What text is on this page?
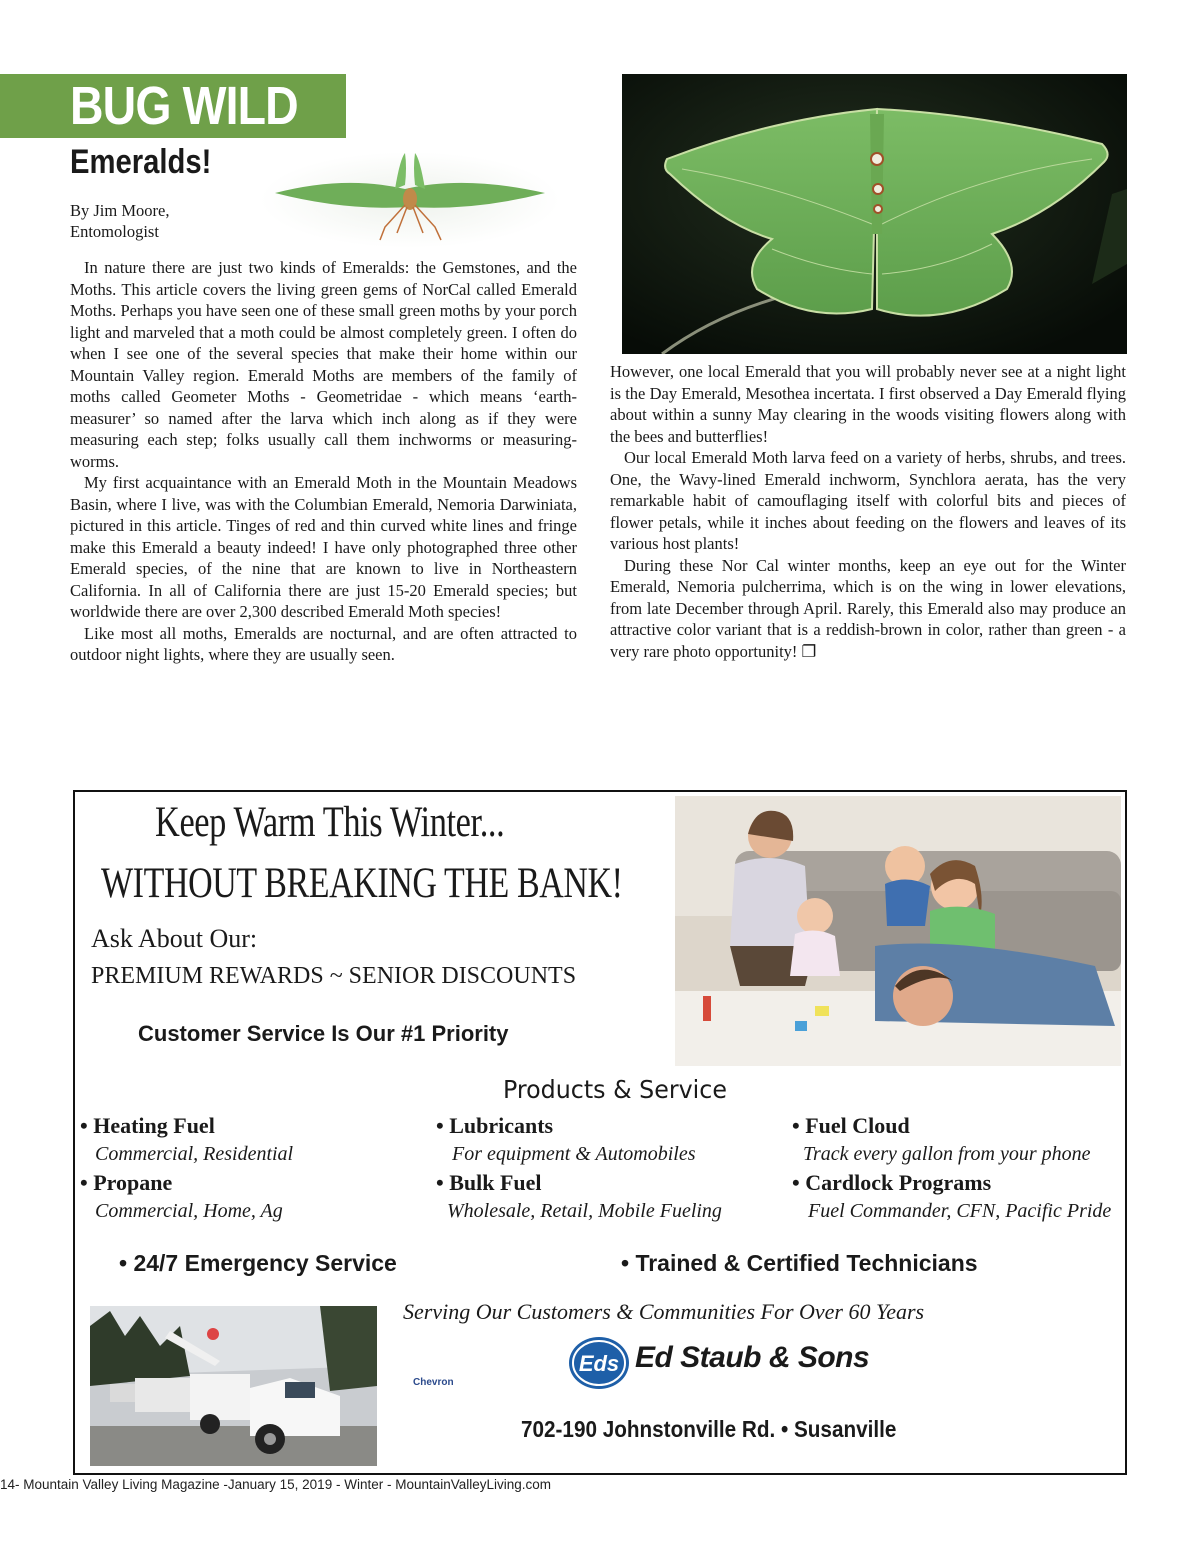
BUG WILD
Emeralds!
By Jim Moore,
Entomologist

In nature there are just two kinds of Emeralds: the Gemstones, and the Moths. This article covers the living green gems of NorCal called Emerald Moths. Perhaps you have seen one of these small green moths by your porch light and marveled that a moth could be almost completely green. I often do when I see one of the several species that make their home within our Mountain Valley region. Emerald Moths are members of the family of moths called Geometer Moths - Geometridae - which means ‘earth-measurer’ so named after the larva which inch along as if they were measuring each step; folks usually call them inchworms or measuring-worms.

My first acquaintance with an Emerald Moth in the Mountain Meadows Basin, where I live, was with the Columbian Emerald, Nemoria Darwiniata, pictured in this article. Tinges of red and thin curved white lines and fringe make this Emerald a beauty indeed! I have only photographed three other Emerald species, of the nine that are known to live in Northeastern California. In all of California there are just 15-20 Emerald species; but worldwide there are over 2,300 described Emerald Moth species!

Like most all moths, Emeralds are nocturnal, and are often attracted to outdoor night lights, where they are usually seen.

However, one local Emerald that you will probably never see at a night light is the Day Emerald, Mesothea incertata. I first observed a Day Emerald flying about within a sunny May clearing in the woods visiting flowers along with the bees and butterflies!

Our local Emerald Moth larva feed on a variety of herbs, shrubs, and trees. One, the Wavy-lined Emerald inchworm, Synchlora aerata, has the very remarkable habit of camouflaging itself with colorful bits and pieces of flower petals, while it inches about feeding on the flowers and leaves of its various host plants!

During these Nor Cal winter months, keep an eye out for the Winter Emerald, Nemoria pulcherrima, which is on the wing in lower elevations, from late December through April. Rarely, this Emerald also may produce an attractive color variant that is a reddish-brown in color, rather than green - a very rare photo opportunity! ❐

Keep Warm This Winter...
WITHOUT BREAKING THE BANK!
Ask About Our:
PREMIUM REWARDS ~ SENIOR DISCOUNTS
Customer Service Is Our #1 Priority
Products & Service
• Heating Fuel
Commercial, Residential
• Propane
Commercial, Home, Ag
• Lubricants
For equipment & Automobiles
• Bulk Fuel
Wholesale, Retail, Mobile Fueling
• Fuel Cloud
Track every gallon from your phone
• Cardlock Programs
Fuel Commander, CFN, Pacific Pride
• 24/7 Emergency Service	• Trained & Certified Technicians
Serving Our Customers & Communities For Over 60 Years
Eds Ed Staub & Sons
Chevron
702-190 Johnstonville Rd. • Susanville
14- Mountain Valley Living Magazine -January 15, 2019 - Winter - MountainValleyLiving.com
